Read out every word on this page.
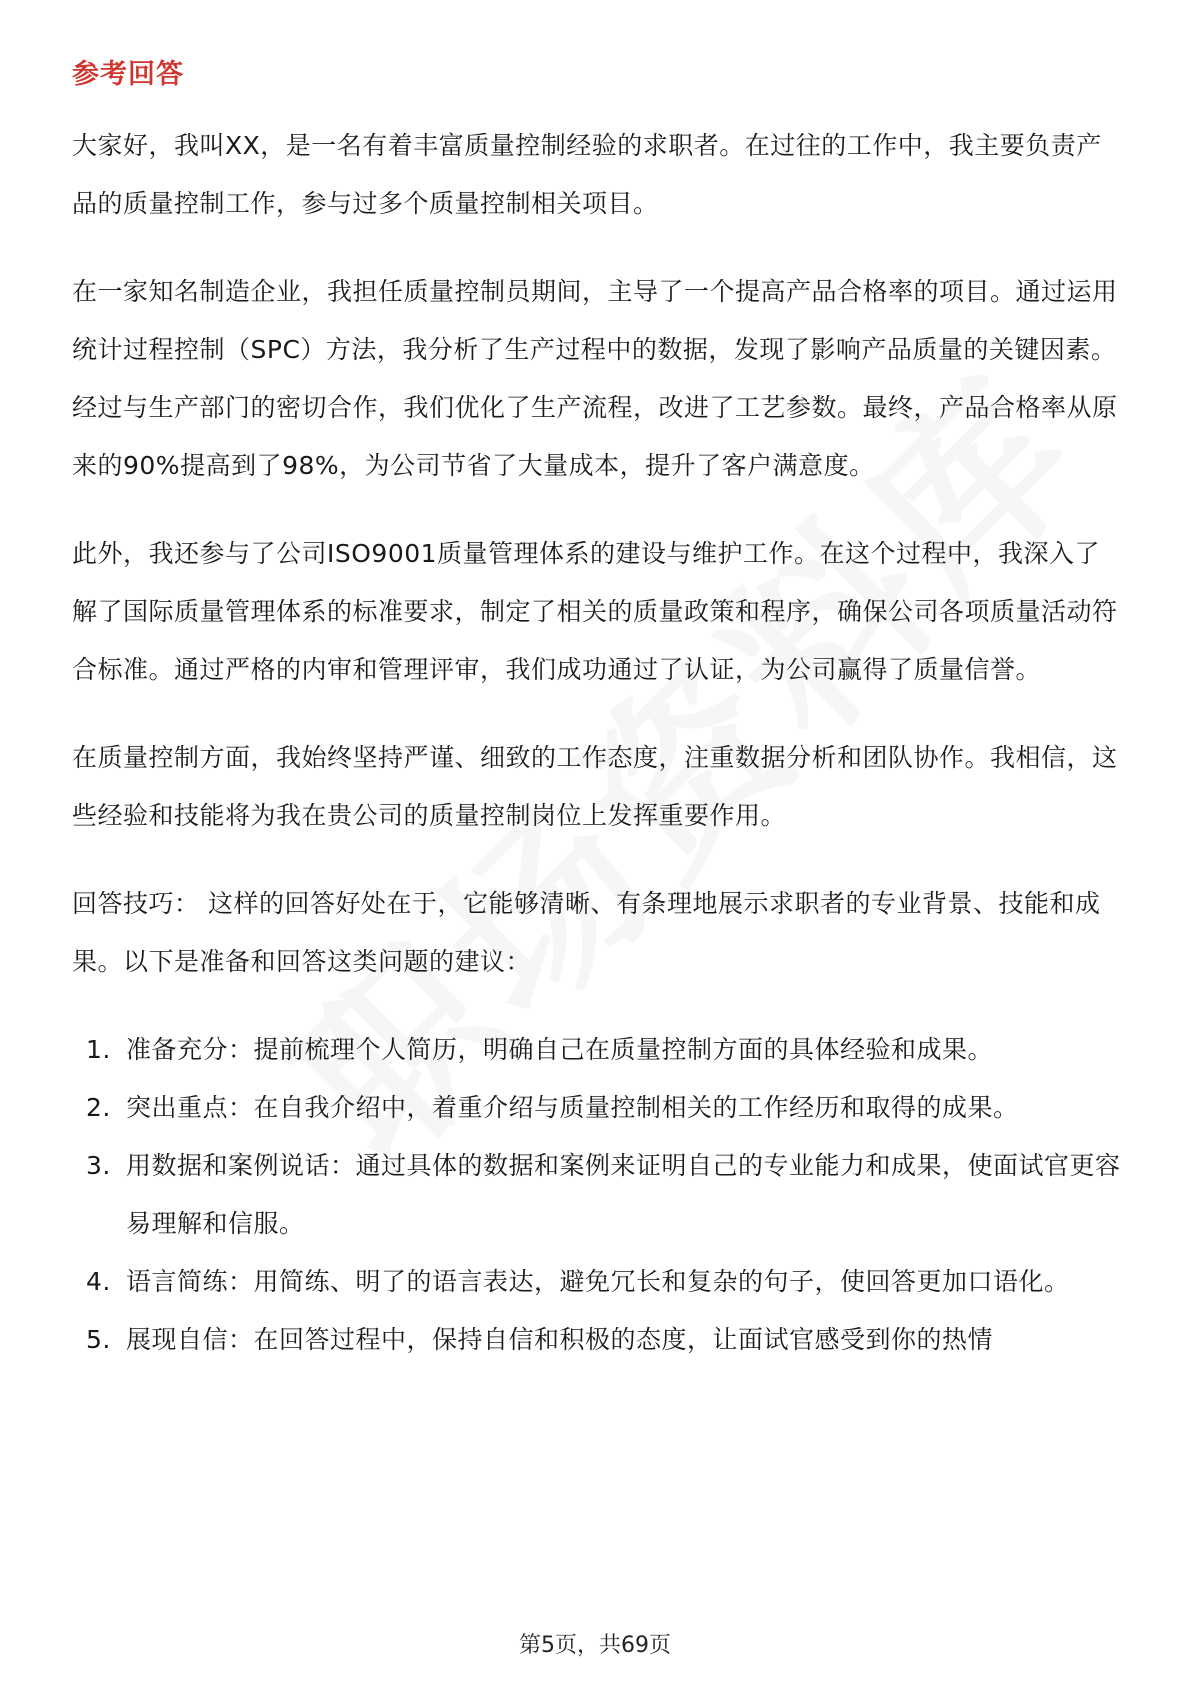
参考回答

大家好，我叫XX，是一名有着丰富质量控制经验的求职者。在过往的工作中，我主要负责产品的质量控制工作，参与过多个质量控制相关项目。

在一家知名制造企业，我担任质量控制员期间，主导了一个提高产品合格率的项目。通过运用统计过程控制（SPC）方法，我分析了生产过程中的数据，发现了影响产品质量的关键因素。经过与生产部门的密切合作，我们优化了生产流程，改进了工艺参数。最终，产品合格率从原来的90%提高到了98%，为公司节省了大量成本，提升了客户满意度。

此外，我还参与了公司ISO9001质量管理体系的建设与维护工作。在这个过程中，我深入了解了国际质量管理体系的标准要求，制定了相关的质量政策和程序，确保公司各项质量活动符合标准。通过严格的内审和管理评审，我们成功通过了认证，为公司赢得了质量信誉。

在质量控制方面，我始终坚持严谨、细致的工作态度，注重数据分析和团队协作。我相信，这些经验和技能将为我在贵公司的质量控制岗位上发挥重要作用。

回答技巧： 这样的回答好处在于，它能够清晰、有条理地展示求职者的专业背景、技能和成果。以下是准备和回答这类问题的建议：

1. 准备充分：提前梳理个人简历，明确自己在质量控制方面的具体经验和成果。
2. 突出重点：在自我介绍中，着重介绍与质量控制相关的工作经历和取得的成果。
3. 用数据和案例说话：通过具体的数据和案例来证明自己的专业能力和成果，使面试官更容易理解和信服。
4. 语言简练：用简练、明了的语言表达，避免冗长和复杂的句子，使回答更加口语化。
5. 展现自信：在回答过程中，保持自信和积极的态度，让面试官感受到你的热情
第5页，共69页
